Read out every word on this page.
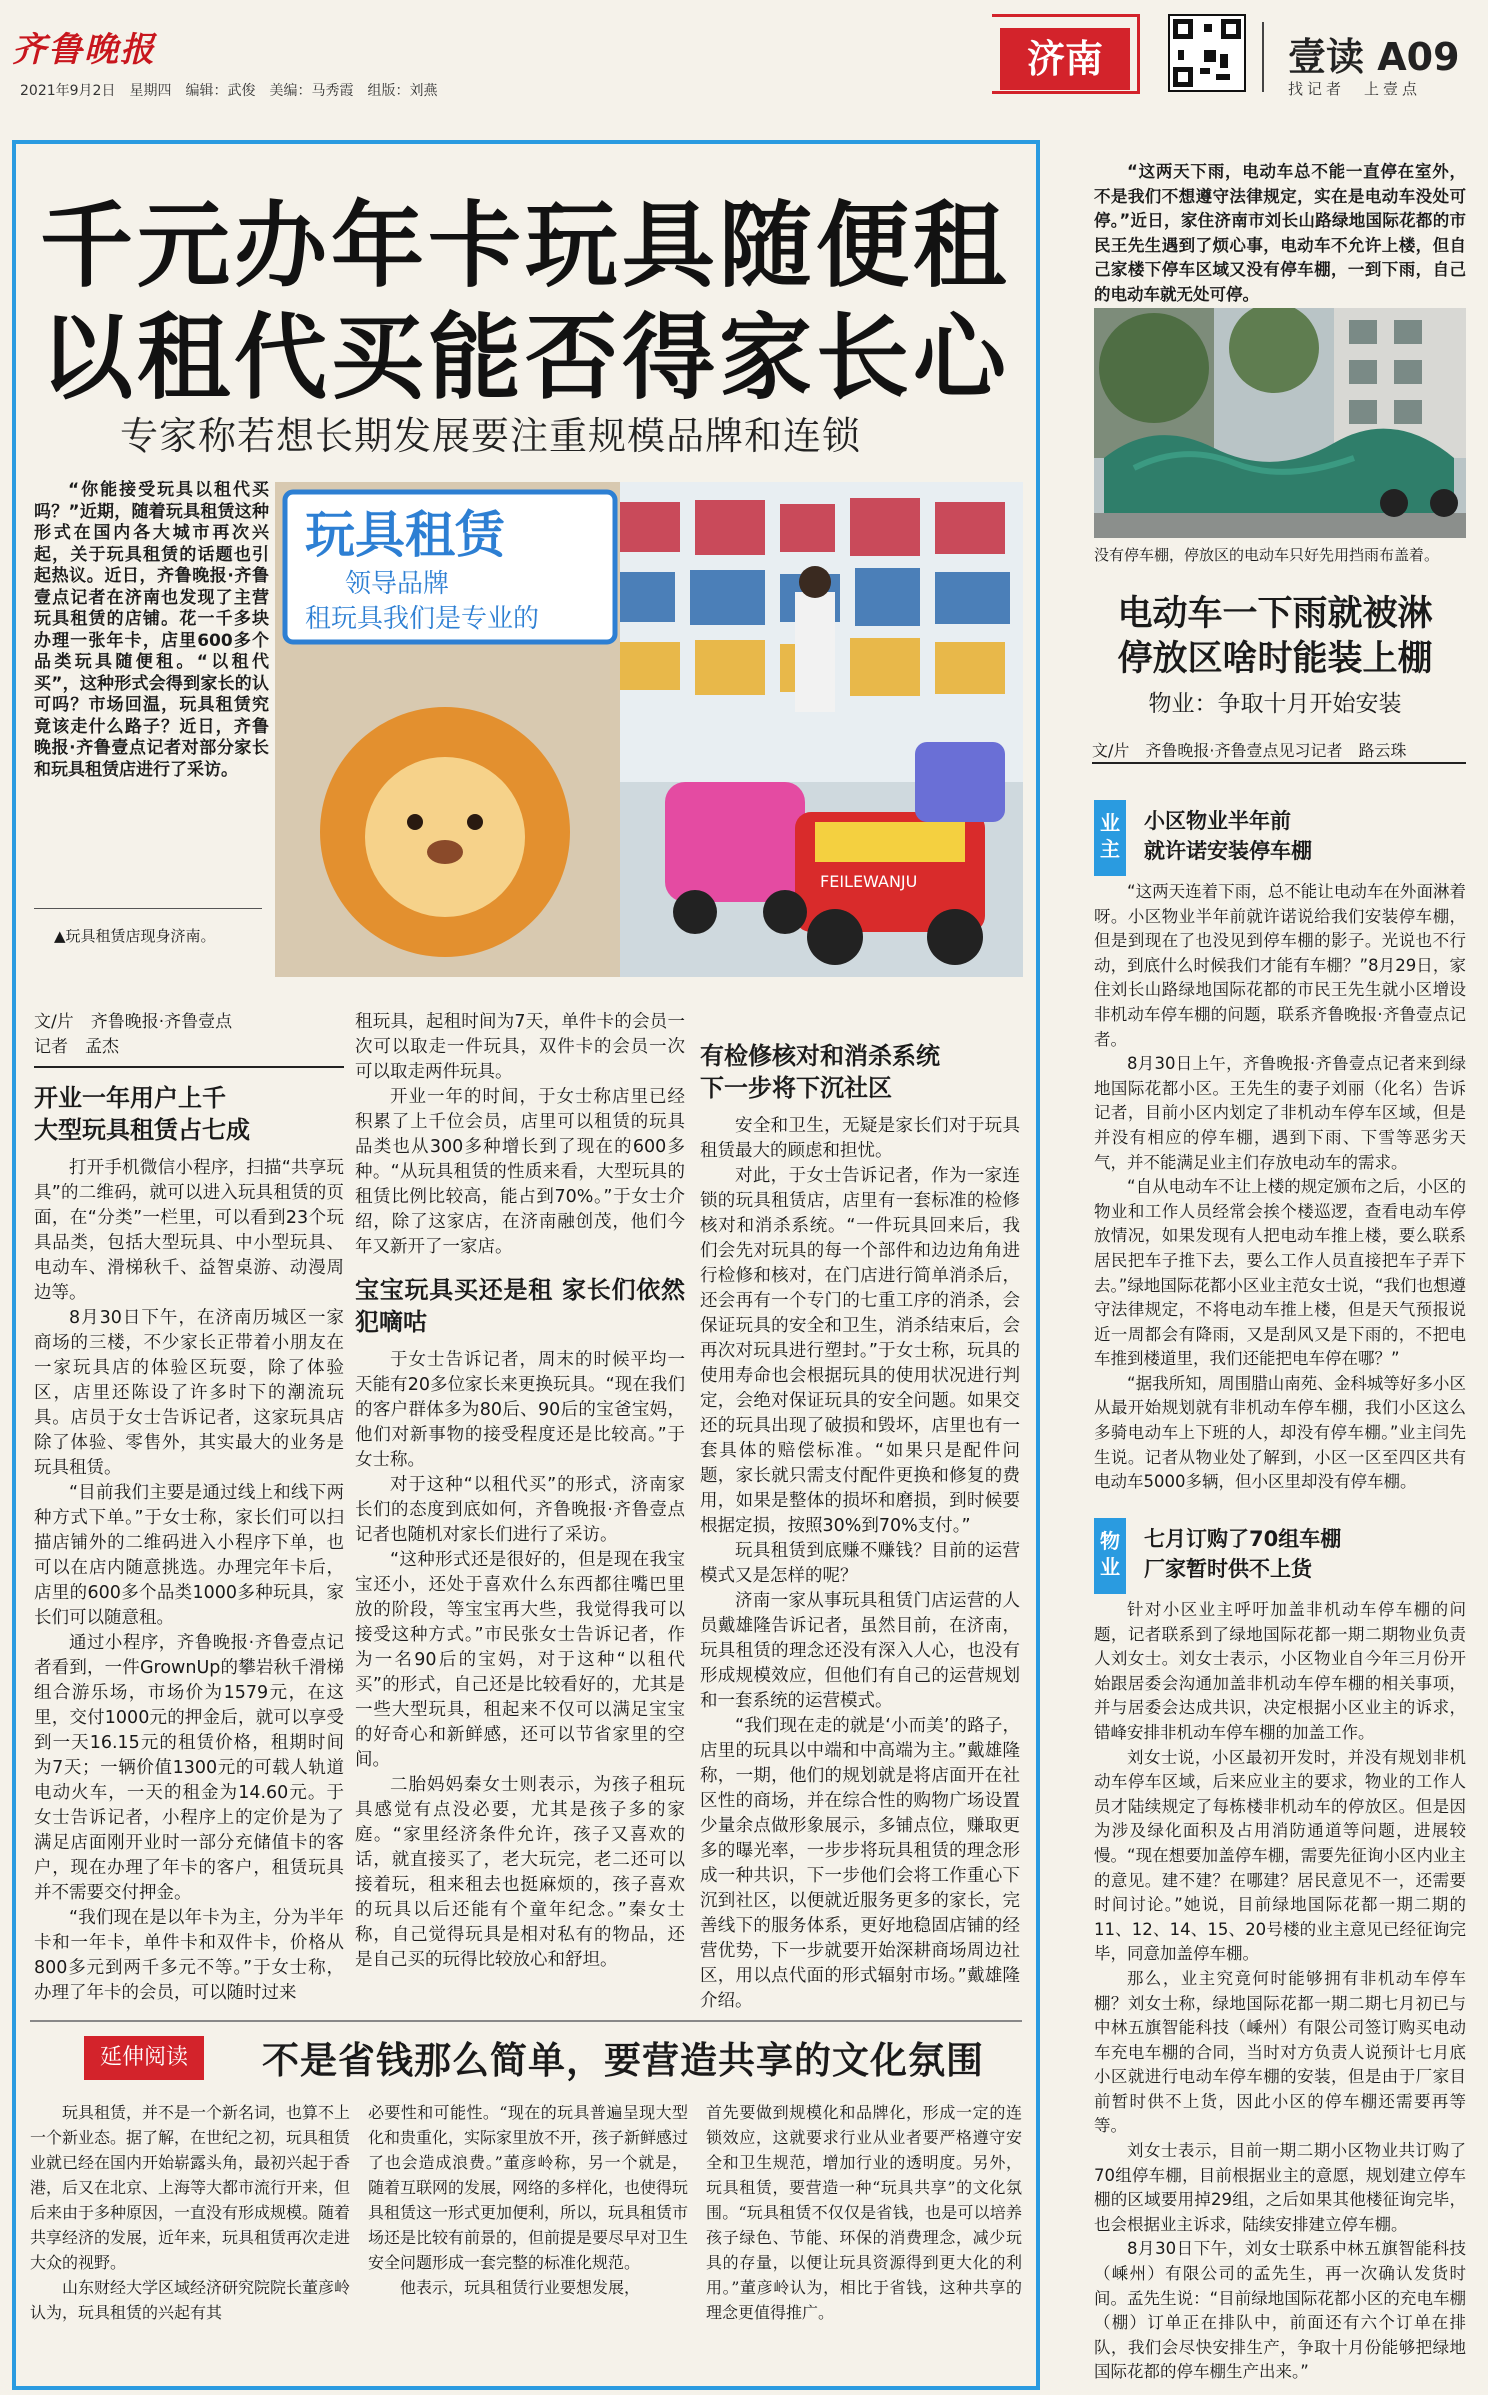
齐鲁晚报
2021年9月2日　星期四　编辑：武俊　美编：马秀霞　组版：刘燕
济南	壹读 A09
找记者　上壹点
千元办年卡玩具随便租
以租代买能否得家长心
专家称若想长期发展要注重规模品牌和连锁

“你能接受玩具以租代买吗？”近期，随着玩具租赁这种形式在国内各大城市再次兴起，关于玩具租赁的话题也引起热议。近日，齐鲁晚报·齐鲁壹点记者在济南也发现了主营玩具租赁的店铺。花一千多块办理一张年卡，店里600多个品类玩具随便租。“以租代买”，这种形式会得到家长的认可吗？市场回温，玩具租赁究竟该走什么路子？近日，齐鲁晚报·齐鲁壹点记者对部分家长和玩具租赁店进行了采访。

玩具租赁
领导品牌
租玩具我们是专业的
FEILEWANJU
▲玩具租赁店现身济南。
文/片　齐鲁晚报·齐鲁壹点
记者　孟杰
开业一年用户上千
大型玩具租赁占七成

打开手机微信小程序，扫描“共享玩具”的二维码，就可以进入玩具租赁的页面，在“分类”一栏里，可以看到23个玩具品类，包括大型玩具、中小型玩具、电动车、滑梯秋千、益智桌游、动漫周边等。

8月30日下午，在济南历城区一家商场的三楼，不少家长正带着小朋友在一家玩具店的体验区玩耍，除了体验区，店里还陈设了许多时下的潮流玩具。店员于女士告诉记者，这家玩具店除了体验、零售外，其实最大的业务是玩具租赁。

“目前我们主要是通过线上和线下两种方式下单。”于女士称，家长们可以扫描店铺外的二维码进入小程序下单，也可以在店内随意挑选。办理完年卡后，店里的600多个品类1000多种玩具，家长们可以随意租。

通过小程序，齐鲁晚报·齐鲁壹点记者看到，一件GrownUp的攀岩秋千滑梯组合游乐场，市场价为1579元，在这里，交付1000元的押金后，就可以享受到一天16.15元的租赁价格，租期时间为7天；一辆价值1300元的可载人轨道电动火车，一天的租金为14.60元。于女士告诉记者，小程序上的定价是为了满足店面刚开业时一部分充储值卡的客户，现在办理了年卡的客户，租赁玩具并不需要交付押金。

“我们现在是以年卡为主，分为半年卡和一年卡，单件卡和双件卡，价格从800多元到两千多元不等。”于女士称，办理了年卡的会员，可以随时过来

租玩具，起租时间为7天，单件卡的会员一次可以取走一件玩具，双件卡的会员一次可以取走两件玩具。

开业一年的时间，于女士称店里已经积累了上千位会员，店里可以租赁的玩具品类也从300多种增长到了现在的600多种。“从玩具租赁的性质来看，大型玩具的租赁比例比较高，能占到70%。”于女士介绍，除了这家店，在济南融创茂，他们今年又新开了一家店。

宝宝玩具买还是租 家长们依然犯嘀咕

于女士告诉记者，周末的时候平均一天能有20多位家长来更换玩具。“现在我们的客户群体多为80后、90后的宝爸宝妈，他们对新事物的接受程度还是比较高。”于女士称。

对于这种“以租代买”的形式，济南家长们的态度到底如何，齐鲁晚报·齐鲁壹点记者也随机对家长们进行了采访。

“这种形式还是很好的，但是现在我宝宝还小，还处于喜欢什么东西都往嘴巴里放的阶段，等宝宝再大些，我觉得我可以接受这种方式。”市民张女士告诉记者，作为一名90后的宝妈，对于这种“以租代买”的形式，自己还是比较看好的，尤其是一些大型玩具，租起来不仅可以满足宝宝的好奇心和新鲜感，还可以节省家里的空间。

二胎妈妈秦女士则表示，为孩子租玩具感觉有点没必要，尤其是孩子多的家庭。“家里经济条件允许，孩子又喜欢的话，就直接买了，老大玩完，老二还可以接着玩，租来租去也挺麻烦的，孩子喜欢的玩具以后还能有个童年纪念。”秦女士称，自己觉得玩具是相对私有的物品，还是自己买的玩得比较放心和舒坦。

有检修核对和消杀系统
下一步将下沉社区

安全和卫生，无疑是家长们对于玩具租赁最大的顾虑和担忧。

对此，于女士告诉记者，作为一家连锁的玩具租赁店，店里有一套标准的检修核对和消杀系统。“一件玩具回来后，我们会先对玩具的每一个部件和边边角角进行检修和核对，在门店进行简单消杀后，还会再有一个专门的七重工序的消杀，会保证玩具的安全和卫生，消杀结束后，会再次对玩具进行塑封。”于女士称，玩具的使用寿命也会根据玩具的使用状况进行判定，会绝对保证玩具的安全问题。如果交还的玩具出现了破损和毁坏，店里也有一套具体的赔偿标准。“如果只是配件问题，家长就只需支付配件更换和修复的费用，如果是整体的损坏和磨损，到时候要根据定损，按照30%到70%支付。”

玩具租赁到底赚不赚钱？目前的运营模式又是怎样的呢？

济南一家从事玩具租赁门店运营的人员戴雄隆告诉记者，虽然目前，在济南，玩具租赁的理念还没有深入人心，也没有形成规模效应，但他们有自己的运营规划和一套系统的运营模式。

“我们现在走的就是‘小而美’的路子，店里的玩具以中端和中高端为主。”戴雄隆称，一期，他们的规划就是将店面开在社区性的商场，并在综合性的购物广场设置少量余点做形象展示，多铺点位，赚取更多的曝光率，一步步将玩具租赁的理念形成一种共识，下一步他们会将工作重心下沉到社区，以便就近服务更多的家长，完善线下的服务体系，更好地稳固店铺的经营优势，下一步就要开始深耕商场周边社区，用以点代面的形式辐射市场。”戴雄隆介绍。

延伸阅读	不是省钱那么简单，要营造共享的文化氛围

玩具租赁，并不是一个新名词，也算不上一个新业态。据了解，在世纪之初，玩具租赁业就已经在国内开始崭露头角，最初兴起于香港，后又在北京、上海等大都市流行开来，但后来由于多种原因，一直没有形成规模。随着共享经济的发展，近年来，玩具租赁再次走进大众的视野。

山东财经大学区域经济研究院院长董彦岭认为，玩具租赁的兴起有其

必要性和可能性。“现在的玩具普遍呈现大型化和贵重化，实际家里放不开，孩子新鲜感过了也会造成浪费。”董彦岭称，另一个就是，随着互联网的发展，网络的多样化，也使得玩具租赁这一形式更加便利，所以，玩具租赁市场还是比较有前景的，但前提是要尽早对卫生安全问题形成一套完整的标准化规范。

他表示，玩具租赁行业要想发展，

首先要做到规模化和品牌化，形成一定的连锁效应，这就要求行业从业者要严格遵守安全和卫生规范，增加行业的透明度。另外，玩具租赁，要营造一种“玩具共享”的文化氛围。“玩具租赁不仅仅是省钱，也是可以培养孩子绿色、节能、环保的消费理念，减少玩具的存量，以便让玩具资源得到更大化的利用。”董彦岭认为，相比于省钱，这种共享的理念更值得推广。

“这两天下雨，电动车总不能一直停在室外，不是我们不想遵守法律规定，实在是电动车没处可停。”近日，家住济南市刘长山路绿地国际花都的市民王先生遇到了烦心事，电动车不允许上楼，但自己家楼下停车区域又没有停车棚，一到下雨，自己的电动车就无处可停。

没有停车棚，停放区的电动车只好先用挡雨布盖着。
电动车一下雨就被淋
停放区啥时能装上棚
物业：争取十月开始安装
文/片　齐鲁晚报·齐鲁壹点见习记者　路云珠
业主
小区物业半年前
就许诺安装停车棚

“这两天连着下雨，总不能让电动车在外面淋着呀。小区物业半年前就许诺说给我们安装停车棚，但是到现在了也没见到停车棚的影子。光说也不行动，到底什么时候我们才能有车棚？”8月29日，家住刘长山路绿地国际花都的市民王先生就小区增设非机动车停车棚的问题，联系齐鲁晚报·齐鲁壹点记者。

8月30日上午，齐鲁晚报·齐鲁壹点记者来到绿地国际花都小区。王先生的妻子刘丽（化名）告诉记者，目前小区内划定了非机动车停车区域，但是并没有相应的停车棚，遇到下雨、下雪等恶劣天气，并不能满足业主们存放电动车的需求。

“自从电动车不让上楼的规定颁布之后，小区的物业和工作人员经常会挨个楼巡逻，查看电动车停放情况，如果发现有人把电动车推上楼，要么联系居民把车子推下去，要么工作人员直接把车子弄下去。”绿地国际花都小区业主范女士说，“我们也想遵守法律规定，不将电动车推上楼，但是天气预报说近一周都会有降雨，又是刮风又是下雨的，不把电车推到楼道里，我们还能把电车停在哪？”

“据我所知，周围腊山南苑、金科城等好多小区从最开始规划就有非机动车停车棚，我们小区这么多骑电动车上下班的人，却没有停车棚。”业主闫先生说。记者从物业处了解到，小区一区至四区共有电动车5000多辆，但小区里却没有停车棚。

物业
七月订购了70组车棚
厂家暂时供不上货

针对小区业主呼吁加盖非机动车停车棚的问题，记者联系到了绿地国际花都一期二期物业负责人刘女士。刘女士表示，小区物业自今年三月份开始跟居委会沟通加盖非机动车停车棚的相关事项，并与居委会达成共识，决定根据小区业主的诉求，错峰安排非机动车停车棚的加盖工作。

刘女士说，小区最初开发时，并没有规划非机动车停车区域，后来应业主的要求，物业的工作人员才陆续规定了每栋楼非机动车的停放区。但是因为涉及绿化面积及占用消防通道等问题，进展较慢。“现在想要加盖停车棚，需要先征询小区内业主的意见。建不建？在哪建？居民意见不一，还需要时间讨论。”她说，目前绿地国际花都一期二期的11、12、14、15、20号楼的业主意见已经征询完毕，同意加盖停车棚。

那么，业主究竟何时能够拥有非机动车停车棚？刘女士称，绿地国际花都一期二期七月初已与中林五旗智能科技（嵊州）有限公司签订购买电动车充电车棚的合同，当时对方负责人说预计七月底小区就进行电动车停车棚的安装，但是由于厂家目前暂时供不上货，因此小区的停车棚还需要再等等。

刘女士表示，目前一期二期小区物业共订购了70组停车棚，目前根据业主的意愿，规划建立停车棚的区域要用掉29组，之后如果其他楼征询完毕，也会根据业主诉求，陆续安排建立停车棚。

8月30日下午，刘女士联系中林五旗智能科技（嵊州）有限公司的孟先生，再一次确认发货时间。孟先生说：“目前绿地国际花都小区的充电车棚（棚）订单正在排队中，前面还有六个订单在排队，我们会尽快安排生产，争取十月份能够把绿地国际花都的停车棚生产出来。”
